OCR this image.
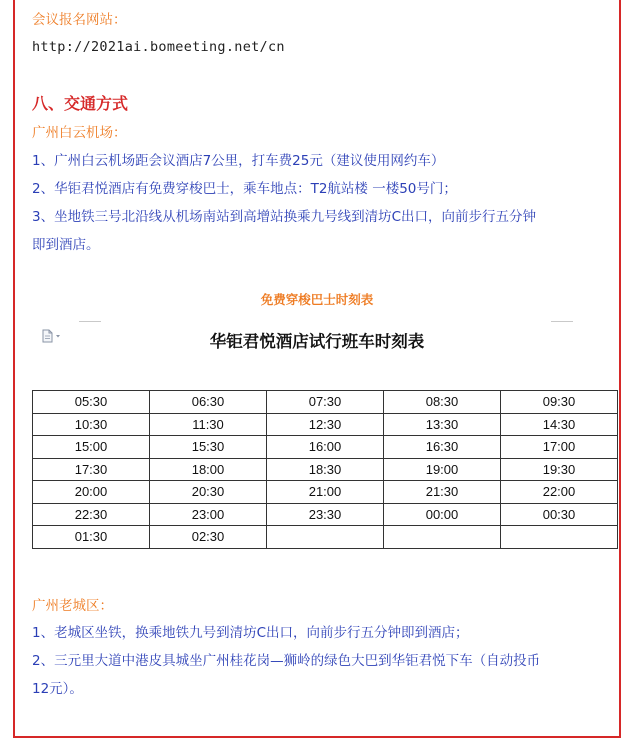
会议报名网站：
http://2021ai.bomeeting.net/cn
八、交通方式
广州白云机场：
1、广州白云机场距会议酒店7公里，打车费25元（建议使用网约车）
2、华钜君悦酒店有免费穿梭巴士，乘车地点：T2航站楼 一楼50号门；
3、坐地铁三号北沿线从机场南站到高增站换乘九号线到清坊C出口，向前步行五分钟
即到酒店。
免费穿梭巴士时刻表
华钜君悦酒店试行班车时刻表
05:30	06:30	07:30	08:30	09:30
10:30	11:30	12:30	13:30	14:30
15:00	15:30	16:00	16:30	17:00
17:30	18:00	18:30	19:00	19:30
20:00	20:30	21:00	21:30	22:00
22:30	23:00	23:30	00:00	00:30
01:30	02:30			
广州老城区：
1、老城区坐铁，换乘地铁九号到清坊C出口，向前步行五分钟即到酒店；
2、三元里大道中港皮具城坐广州桂花岗—狮岭的绿色大巴到华钜君悦下车（自动投币
12元）。
